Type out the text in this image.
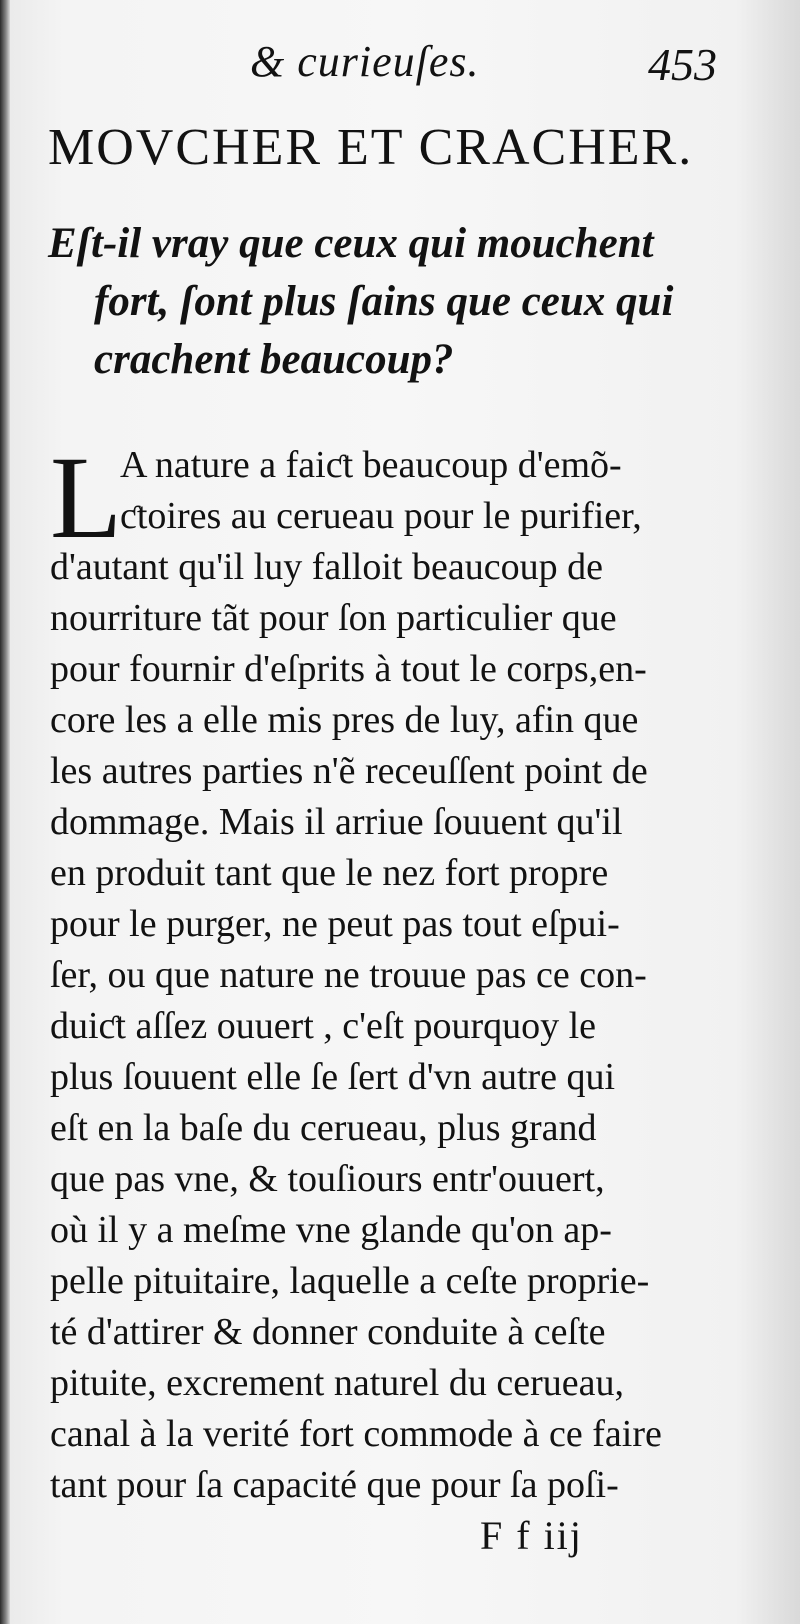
& curieuſes.	453
MOVCHER ET CRACHER.
Eſt-il vray que ceux qui mouchent
fort, ſont plus ſains que ceux qui
crachent beaucoup?
L
A nature a faiƈt beaucoup d'emõ-
ƈtoires au cerueau pour le purifier,
d'autant qu'il luy falloit beaucoup de
nourriture tãt pour ſon particulier que
pour fournir d'eſprits à tout le corps,en-
core les a elle mis pres de luy, afin que
les autres parties n'ẽ receuſſent point de
dommage. Mais il arriue ſouuent qu'il
en produit tant que le nez fort propre
pour le purger, ne peut pas tout eſpui-
ſer, ou que nature ne trouue pas ce con-
duiƈt aſſez ouuert , c'eſt pourquoy le
plus ſouuent elle ſe ſert d'vn autre qui
eſt en la baſe du cerueau, plus grand
que pas vne, & touſiours entr'ouuert,
où il y a meſme vne glande qu'on ap-
pelle pituitaire, laquelle a ceſte proprie-
té d'attirer & donner conduite à ceſte
pituite, excrement naturel du cerueau,
canal à la verité fort commode à ce faire
tant pour ſa capacité que pour ſa poſi-
F f iij
